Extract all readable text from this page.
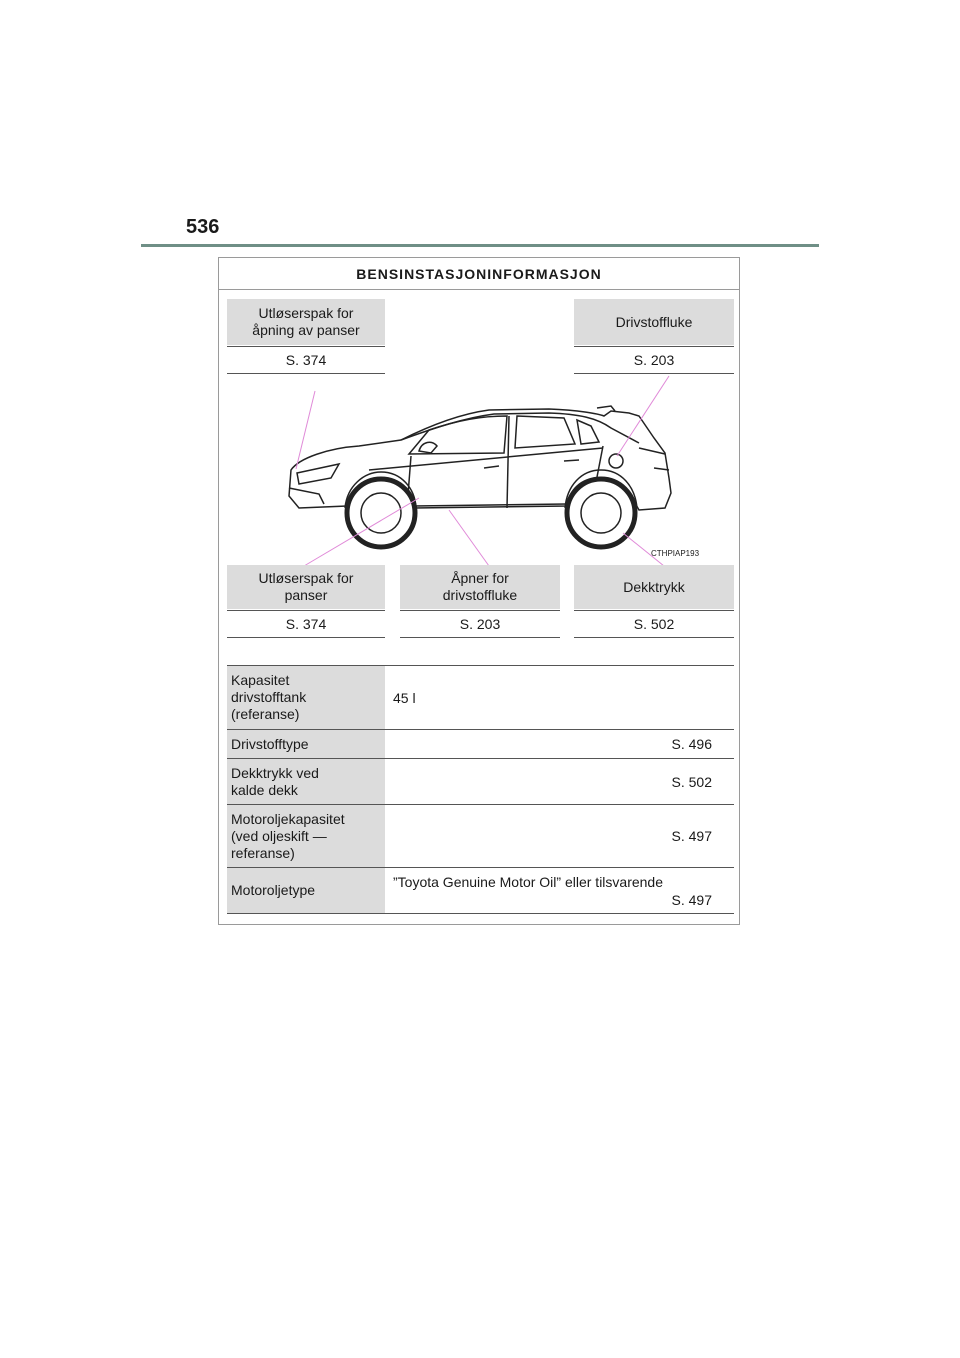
536
BENSINSTASJONINFORMASJON
Utløserspak for
åpning av panser
S. 374
Drivstoffluke
S. 203
CTHPIAP193
Utløserspak for
panser
S. 374
Åpner for
drivstoffluke
S. 203
Dekktrykk
S. 502
Kapasitet
drivstofftank
(referanse)
45 l
Drivstofftype	S. 496
Dekktrykk ved
kalde dekk	S. 502
Motoroljekapasitet
(ved oljeskift —
referanse)
S. 497
Motoroljetype	”Toyota Genuine Motor Oil” eller tilsvarende
S. 497
